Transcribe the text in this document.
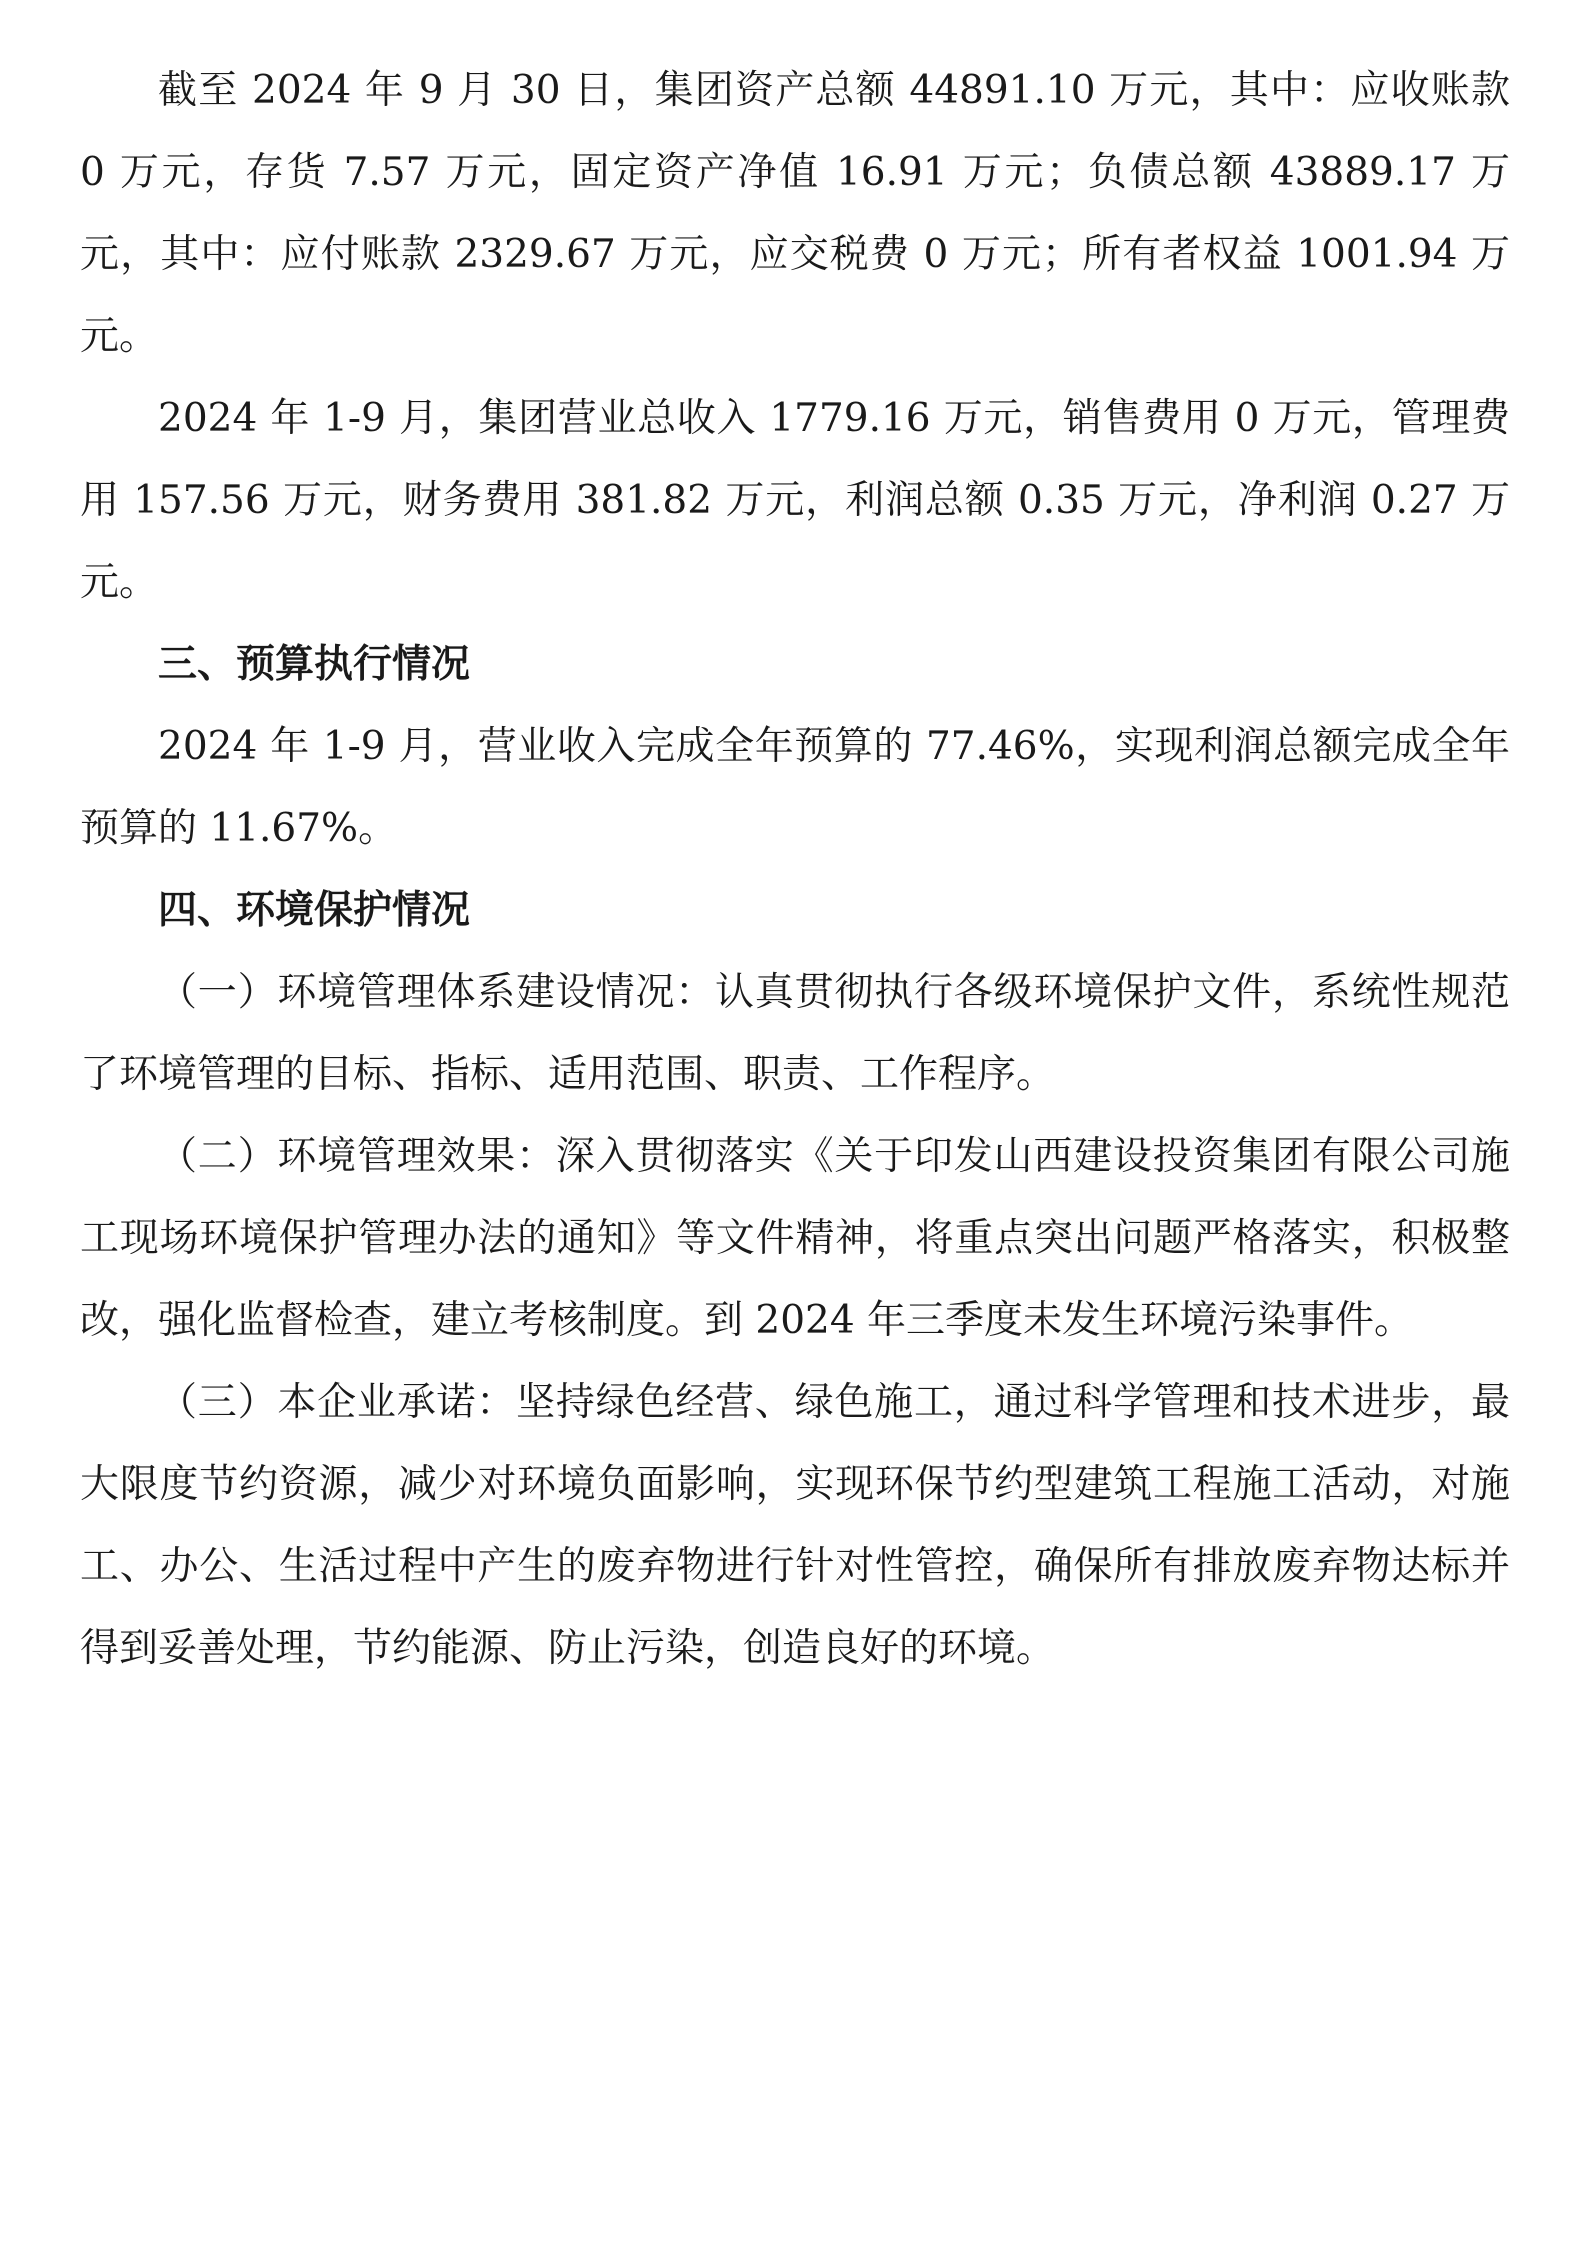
截至 2024 年 9 月 30 日，集团资产总额 44891.10 万元，其中：应收账款 0 万元，存货 7.57 万元，固定资产净值 16.91 万元；负债总额 43889.17 万元，其中：应付账款 2329.67 万元，应交税费 0 万元；所有者权益 1001.94 万元。

2024 年 1-9 月，集团营业总收入 1779.16 万元，销售费用 0 万元，管理费用 157.56 万元，财务费用 381.82 万元，利润总额 0.35 万元，净利润 0.27 万元。

三、预算执行情况

2024 年 1-9 月，营业收入完成全年预算的 77.46%，实现利润总额完成全年预算的 11.67%。

四、环境保护情况

（一）环境管理体系建设情况：认真贯彻执行各级环境保护文件，系统性规范了环境管理的目标、指标、适用范围、职责、工作程序。

（二）环境管理效果：深入贯彻落实《关于印发山西建设投资集团有限公司施工现场环境保护管理办法的通知》等文件精神，将重点突出问题严格落实，积极整改，强化监督检查，建立考核制度。到 2024 年三季度未发生环境污染事件。

（三）本企业承诺：坚持绿色经营、绿色施工，通过科学管理和技术进步，最大限度节约资源，减少对环境负面影响，实现环保节约型建筑工程施工活动，对施工、办公、生活过程中产生的废弃物进行针对性管控，确保所有排放废弃物达标并得到妥善处理，节约能源、防止污染，创造良好的环境。
